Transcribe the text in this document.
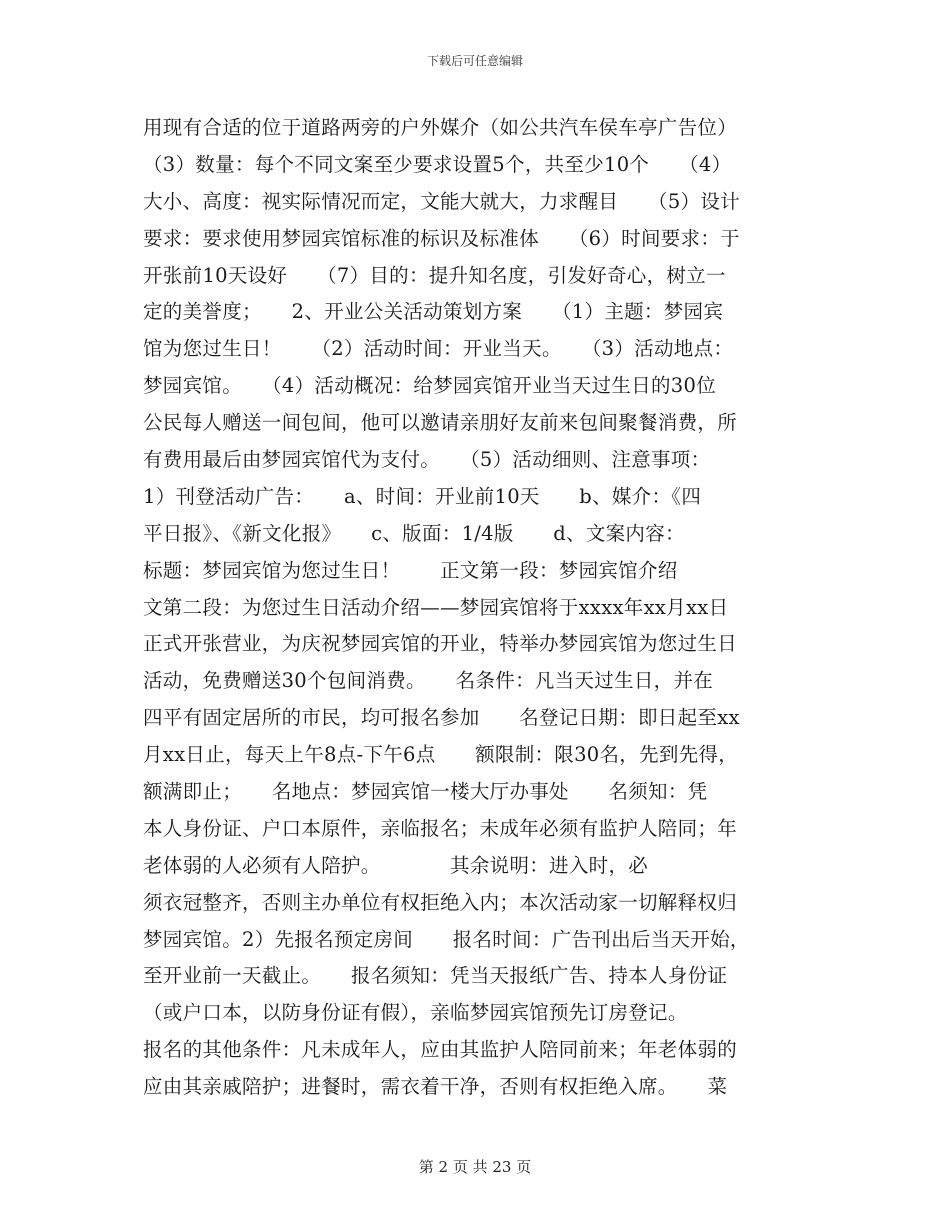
下载后可任意编辑
用现有合适的位于道路两旁的户外媒介（如公共汽车侯车亭广告位）
（3）数量：每个不同文案至少要求设置5个，共至少10个　　（4）
大小、高度：视实际情况而定，文能大就大，力求醒目　　（5）设计
要求：要求使用梦园宾馆标准的标识及标准体　　（6）时间要求：于
开张前10天设好　　（7）目的：提升知名度，引发好奇心，树立一
定的美誉度；　　2、开业公关活动策划方案　　（1）主题：梦园宾
馆为您过生日！　　（2）活动时间：开业当天。　　（3）活动地点：
梦园宾馆。　　（4）活动概况：给梦园宾馆开业当天过生日的30位
公民每人赠送一间包间，他可以邀请亲朋好友前来包间聚餐消费，所
有费用最后由梦园宾馆代为支付。　　（5）活动细则、注意事项：
1）刊登活动广告：　　a、时间：开业前10天　　b、媒介：《四
平日报》、《新文化报》　　c、版面：1/4版　　d、文案内容：
标题：梦园宾馆为您过生日！　　正文第一段：梦园宾馆介绍
文第二段：为您过生日活动介绍——梦园宾馆将于xxxx年xx月xx日
正式开张营业，为庆祝梦园宾馆的开业，特举办梦园宾馆为您过生日
活动，免费赠送30个包间消费。　　名条件：凡当天过生日，并在
四平有固定居所的市民，均可报名参加　　名登记日期：即日起至xx
月xx日止，每天上午8点-下午6点　　额限制：限30名，先到先得，
额满即止；　　名地点：梦园宾馆一楼大厅办事处　　名须知：凭
本人身份证、户口本原件，亲临报名；未成年必须有监护人陪同；年
老体弱的人必须有人陪护。　　　　其余说明：进入时，必
须衣冠整齐，否则主办单位有权拒绝入内；本次活动家一切解释权归
梦园宾馆。2）先报名预定房间　　报名时间：广告刊出后当天开始，
至开业前一天截止。　　报名须知：凭当天报纸广告、持本人身份证
（或户口本，以防身份证有假），亲临梦园宾馆预先订房登记。
报名的其他条件：凡未成年人，应由其监护人陪同前来；年老体弱的
应由其亲戚陪护；进餐时，需衣着干净，否则有权拒绝入席。　　菜
第 2 页 共 23 页
